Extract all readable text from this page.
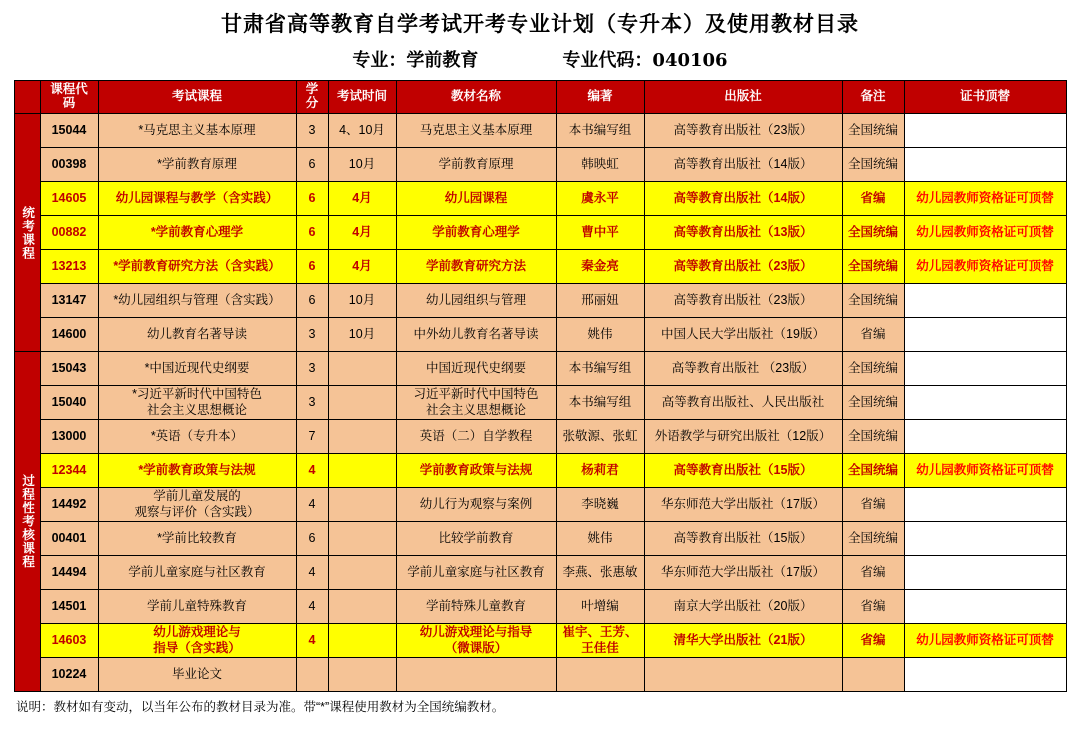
甘肃省高等教育自学考试开考专业计划（专升本）及使用教材目录
专业：学前教育	专业代码：040106
	课程代码	考试课程	学分	考试时间	教材名称	编著	出版社	备注	证书顶替

统考课程	15044	*马克思主义基本原理	3	4、10月	马克思主义基本原理	本书编写组	高等教育出版社（23版）	全国统编	
	00398	*学前教育原理	6	10月	学前教育原理	韩映虹	高等教育出版社（14版）	全国统编	
	14605	幼儿园课程与教学（含实践）	6	4月	幼儿园课程	虞永平	高等教育出版社（14版）	省编	幼儿园教师资格证可顶替
	00882	*学前教育心理学	6	4月	学前教育心理学	曹中平	高等教育出版社（13版）	全国统编	幼儿园教师资格证可顶替
	13213	*学前教育研究方法（含实践）	6	4月	学前教育研究方法	秦金亮	高等教育出版社（23版）	全国统编	幼儿园教师资格证可顶替
	13147	*幼儿园组织与管理（含实践）	6	10月	幼儿园组织与管理	邢丽妞	高等教育出版社（23版）	全国统编	
	14600	幼儿教育名著导读	3	10月	中外幼儿教育名著导读	姚伟	中国人民大学出版社（19版）	省编	

过程性考核课程	15043	*中国近现代史纲要	3		中国近现代史纲要	本书编写组	高等教育出版社 （23版）	全国统编	
	15040	*习近平新时代中国特色
社会主义思想概论	3		习近平新时代中国特色
社会主义思想概论	本书编写组	高等教育出版社、人民出版社	全国统编	
	13000	*英语（专升本）	7		英语（二）自学教程	张敬源、张虹	外语教学与研究出版社（12版）	全国统编	
	12344	*学前教育政策与法规	4		学前教育政策与法规	杨莉君	高等教育出版社（15版）	全国统编	幼儿园教师资格证可顶替
	14492	学前儿童发展的
观察与评价（含实践）	4		幼儿行为观察与案例	李晓巍	华东师范大学出版社（17版）	省编	
	00401	*学前比较教育	6		比较学前教育	姚伟	高等教育出版社（15版）	全国统编	
	14494	学前儿童家庭与社区教育	4		学前儿童家庭与社区教育	李燕、张惠敏	华东师范大学出版社（17版）	省编	
	14501	学前儿童特殊教育	4		学前特殊儿童教育	叶增编	南京大学出版社（20版）	省编	
	14603	幼儿游戏理论与
指导（含实践）	4		幼儿游戏理论与指导
（微课版）	崔宇、王芳、
王佳佳	清华大学出版社（21版）	省编	幼儿园教师资格证可顶替
	10224	毕业论文							
说明：教材如有变动，以当年公布的教材目录为准。带“*”课程使用教材为全国统编教材。
